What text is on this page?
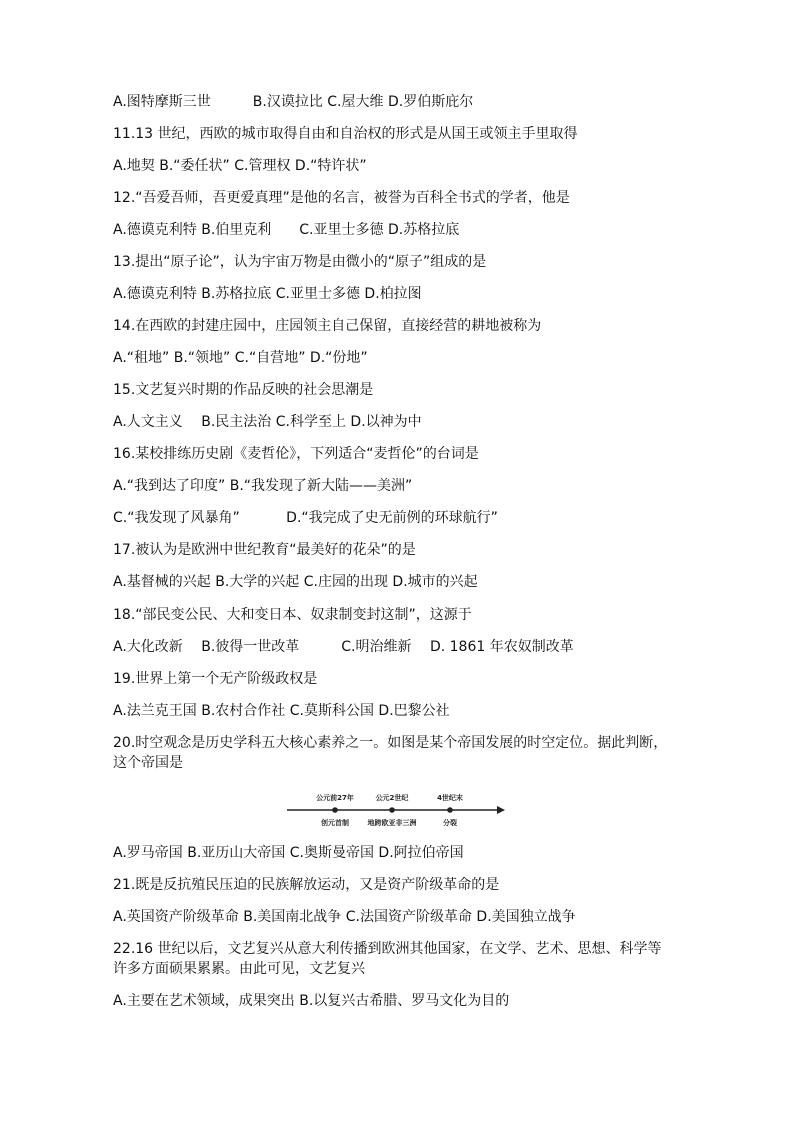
A.图特摩斯三世　　　B.汉谟拉比 C.屋大维 D.罗伯斯庇尔
11.13 世纪，西欧的城市取得自由和自治权的形式是从国王或领主手里取得
A.地契 B.“委任状” C.管理权 D.“特许状”
12.“吾爱吾师，吾更爱真理”是他的名言，被誉为百科全书式的学者，他是
A.德谟克利特 B.伯里克利　　C.亚里士多德 D.苏格拉底
13.提出“原子论”，认为宇宙万物是由微小的“原子”组成的是
A.德谟克利特 B.苏格拉底 C.亚里士多德 D.柏拉图
14.在西欧的封建庄园中，庄园领主自己保留，直接经营的耕地被称为
A.“租地” B.“领地” C.“自营地” D.“份地”
15.文艺复兴时期的作品反映的社会思潮是
A.人文主义　 B.民主法治 C.科学至上 D.以神为中
16.某校排练历史剧《麦哲伦》，下列适合“麦哲伦”的台词是
A.“我到达了印度” B.“我发现了新大陆——美洲”
C.“我发现了风暴角”　　　 D.“我完成了史无前例的环球航行”
17.被认为是欧洲中世纪教育“最美好的花朵”的是
A.基督械的兴起 B.大学的兴起 C.庄园的出现 D.城市的兴起
18.“部民变公民、大和变日本、奴隶制变封这制”，这源于
A.大化改新　 B.彼得一世改革　　　C.明治维新　 D. 1861 年农奴制改革
19.世界上第一个无产阶级政权是
A.法兰克王国 B.农村合作社 C.莫斯科公国 D.巴黎公社
20.时空观念是历史学科五大核心素养之一。如图是某个帝国发展的时空定位。据此判断，
这个帝国是
公元前27年	公元2世纪	4世纪末
创元首制	地跨欧亚非三洲	分裂
A.罗马帝国 B.亚历山大帝国 C.奥斯曼帝国 D.阿拉伯帝国
21.既是反抗殖民压迫的民族解放运动，又是资产阶级革命的是
A.英国资产阶级革命 B.美国南北战争 C.法国资产阶级革命 D.美国独立战争
22.16 世纪以后，文艺复兴从意大利传播到欧洲其他国家，在文学、艺术、思想、科学等
许多方面硕果累累。由此可见，文艺复兴
A.主要在艺术领域，成果突出 B.以复兴古希腊、罗马文化为目的
